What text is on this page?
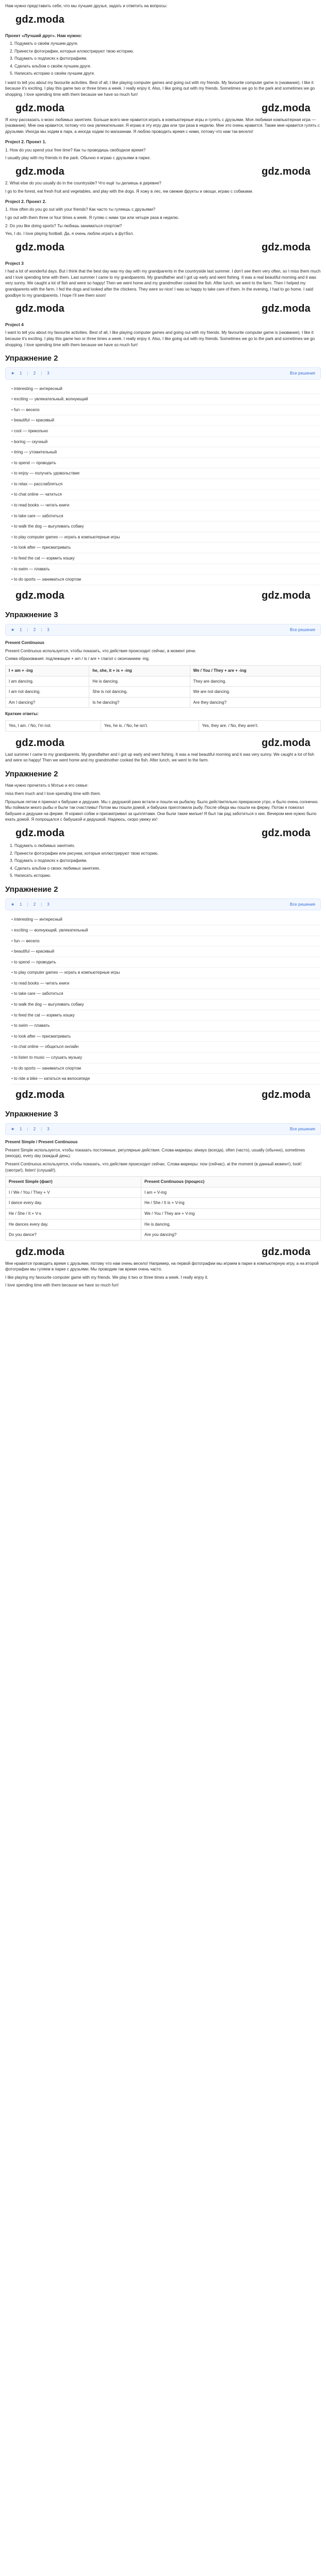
Нам нужно представить себе, что мы лучшие друзья, задать и ответить на вопросы:

gdz.moda

Проект «Лучший друг». Нам нужно:

1. Подумать о своём лучшем друге.
2. Принести фотографии, которые иллюстрируют твою историю.
3. Подумать о подписях к фотографиям.
4. Сделать альбом о своём лучшем друге.
5. Написать историю о своём лучшем друге.

I want to tell you about my favourite activities. Best of all, I like playing computer games and going out with my friends. My favourite computer game is (название). I like it because it’s exciting. I play this game two or three times a week. I really enjoy it. Also, I like going out with my friends. Sometimes we go to the park and sometimes we go shopping. I love spending time with them because we have so much fun!

gdz.moda	gdz.moda

Я хочу рассказать о моих любимых занятиях. Больше всего мне нравится играть в компьютерные игры и гулять с друзьями. Моя любимая компьютерная игра — (название). Мне она нравится, потому что она увлекательная. Я играю в эту игру два или три раза в неделю. Мне это очень нравится. Также мне нравится гулять с друзьями. Иногда мы ходим в парк, а иногда ходим по магазинам. Я люблю проводить время с ними, потому что нам так весело!

Project 2. Проект 1.

1. How do you spend your free time? Как ты проводишь свободное время?

I usually play with my friends in the park. Обычно я играю с друзьями в парке.

gdz.moda	gdz.moda

2. What else do you usually do in the countryside? Что ещё ты делаешь в деревне?

I go to the forest, eat fresh fruit and vegetables, and play with the dogs. Я хожу в лес, ем свежие фрукты и овощи, играю с собаками.

Project 2. Проект 2.

1. How often do you go out with your friends? Как часто ты гуляешь с друзьями?

I go out with them three or four times a week. Я гуляю с ними три или четыре раза в неделю.

2. Do you like doing sports? Ты любишь заниматься спортом?

Yes, I do. I love playing football. Да, я очень люблю играть в футбол.

gdz.moda	gdz.moda

Project 3

I had a lot of wonderful days. But I think that the best day was my day with my grandparents in the countryside last summer. I don’t see them very often, so I miss them much and I love spending time with them. Last summer I came to my grandparents. My grandfather and I got up early and went fishing. It was a real beautiful morning and it was very sunny. We caught a lot of fish and were so happy! Then we went home and my grandmother cooked the fish. After lunch, we went to the farm. Then I helped my grandparents with the farm. I fed the dogs and looked after the chickens. They were so nice! I was so happy to take care of them. In the evening, I had to go home. I said goodbye to my grandparents. I hope I’ll see them soon!

gdz.moda	gdz.moda

Project 4

I want to tell you about my favourite activities. Best of all, I like playing computer games and going out with my friends. My favourite computer game is (название). I like it because it’s exciting. I play this game two or three times a week. I really enjoy it. Also, I like going out with my friends. Sometimes we go to the park and sometimes we go shopping. I love spending time with them because we have so much fun!

Упражнение 2
★ 1 | 2 | 3	Все решения
• interesting — интересный
• exciting — увлекательный, волнующий
• fun — весело
• beautiful — красивый
• cool — прикольно
• boring — скучный
• tiring — утомительный
• to spend — проводить
• to enjoy — получать удовольствие
• to relax — расслабляться
• to chat online — чатиться
• to read books — читать книги
• to take care — заботиться
• to walk the dog — выгуливать собаку
• to play computer games — играть в компьютерные игры
• to look after — присматривать
• to feed the cat — кормить кошку
• to swim — плавать
• to do sports — заниматься спортом
gdz.moda	gdz.moda
Упражнение 3
★ 1 | 2 | 3	Все решения

Present Continuous

Present Continuous используется, чтобы показать, что действие происходит сейчас, в момент речи.

Схема образования: подлежащее + am / is / are + глагол с окончанием -ing.

I + am + -ing	he, she, it + is + -ing	We / You / They + are + -ing
I am dancing.	He is dancing.	They are dancing.
I am not dancing.	She is not dancing.	We are not dancing.
Am I dancing?	Is he dancing?	Are they dancing?

Краткие ответы:

Yes, I am. / No, I'm not.	Yes, he is. / No, he isn't.	Yes, they are. / No, they aren't.
gdz.moda	gdz.moda

Last summer I came to my grandparents. My grandfather and I got up early and went fishing. It was a real beautiful morning and it was very sunny. We caught a lot of fish and were so happy! Then we went home and my grandmother cooked the fish. After lunch, we went to the farm.

Упражнение 2

Нам нужно прочитать о Мэтью и его семье:

miss them much and I love spending time with them.

Прошлым летом я приехал к бабушке и дедушке. Мы с дедушкой рано встали и пошли на рыбалку. Было действительно прекрасное утро, и было очень солнечно. Мы поймали много рыбы и были так счастливы! Потом мы пошли домой, и бабушка приготовила рыбу. После обеда мы пошли на ферму. Потом я помогал бабушке и дедушке на ферме. Я кормил собак и присматривал за цыплятами. Они были такие милые! Я был так рад заботиться о них. Вечером мне нужно было ехать домой. Я попрощался с бабушкой и дедушкой. Надеюсь, скоро увижу их!

gdz.moda	gdz.moda
1. Подумать о любимых занятиях.
2. Принести фотографии или рисунки, которые иллюстрируют твою историю.
3. Подумать о подписях к фотографиям.
4. Сделать альбом о своих любимых занятиях.
5. Написать историю.
Упражнение 2
★ 1 | 2 | 3	Все решения
• interesting — интересный
• exciting — волнующий, увлекательный
• fun — весело
• beautiful — красивый
• to spend — проводить
• to play computer games — играть в компьютерные игры
• to read books — читать книги
• to take care — заботиться
• to walk the dog — выгуливать собаку
• to feed the cat — кормить кошку
• to swim — плавать
• to look after — присматривать
• to chat online — общаться онлайн
• to listen to music — слушать музыку
• to do sports — заниматься спортом
• to ride a bike — кататься на велосипеде
gdz.moda	gdz.moda
Упражнение 3
★ 1 | 2 | 3	Все решения

Present Simple / Present Continuous

Present Simple используется, чтобы показать постоянные, регулярные действия. Слова-маркеры: always (всегда), often (часто), usually (обычно), sometimes (иногда), every day (каждый день).

Present Continuous используется, чтобы показать, что действие происходит сейчас. Слова-маркеры: now (сейчас), at the moment (в данный момент), look! (смотри!), listen! (слушай!).

Present Simple (факт)	Present Continuous (процесс)
I / We / You / They + V	I am + V-ing
I dance every day.	He / She / It is + V-ing
He / She / It + V-s	We / You / They are + V-ing
He dances every day.	He is dancing.
Do you dance?	Are you dancing?
gdz.moda	gdz.moda

Мне нравится проводить время с друзьями, потому что нам очень весело! Например, на первой фотографии мы играем в парке в компьютерную игру, а на второй фотографии мы гуляем в парке с друзьями. Мы проводим так время очень часто.

I like playing my favourite computer game with my friends. We play it two or three times a week. I really enjoy it.

I love spending time with them because we have so much fun!
